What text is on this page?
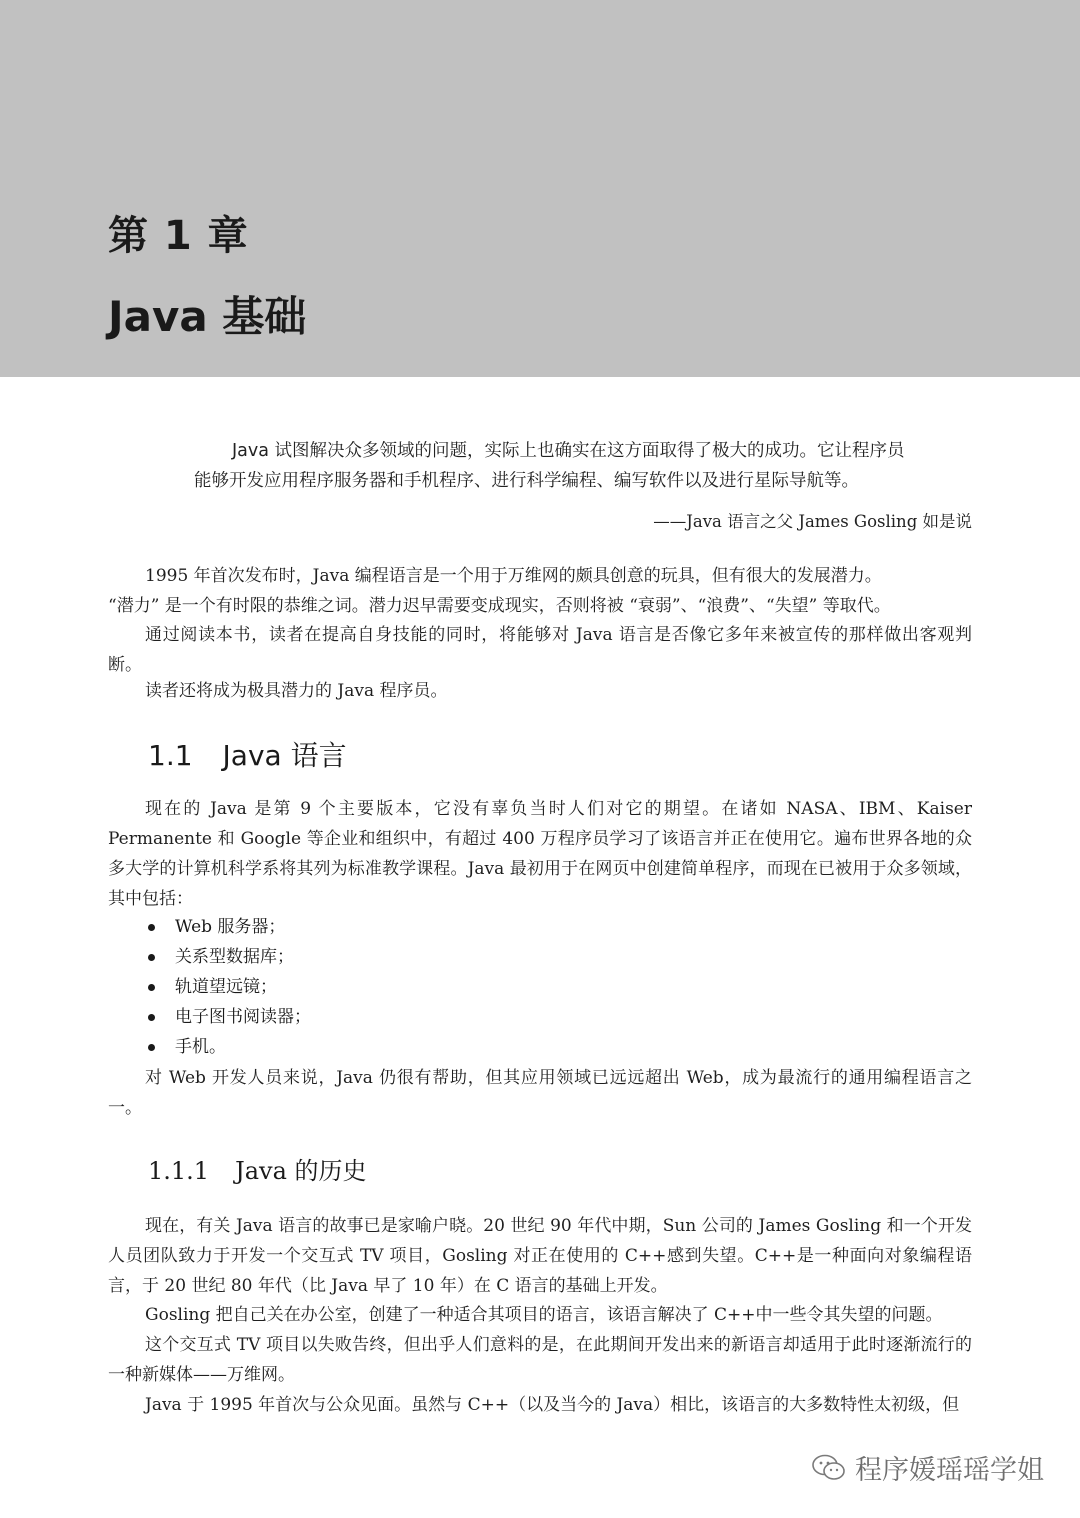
第 1 章
Java 基础
Java 试图解决众多领域的问题，实际上也确实在这方面取得了极大的成功。它让程序员
能够开发应用程序服务器和手机程序、进行科学编程、编写软件以及进行星际导航等。
——Java 语言之父 James Gosling 如是说
1995 年首次发布时，Java 编程语言是一个用于万维网的颇具创意的玩具，但有很大的发展潜力。
“潜力” 是一个有时限的恭维之词。潜力迟早需要变成现实，否则将被 “衰弱”、“浪费”、“失望” 等取代。
通过阅读本书，读者在提高自身技能的同时，将能够对 Java 语言是否像它多年来被宣传的那样做出客观判断。
读者还将成为极具潜力的 Java 程序员。
1.1 Java 语言
现在的 Java 是第 9 个主要版本，它没有辜负当时人们对它的期望。在诸如 NASA、IBM、Kaiser Permanente 和 Google 等企业和组织中，有超过 400 万程序员学习了该语言并正在使用它。遍布世界各地的众多大学的计算机科学系将其列为标准教学课程。Java 最初用于在网页中创建简单程序，而现在已被用于众多领域，其中包括：
Web 服务器；
关系型数据库；
轨道望远镜；
电子图书阅读器；
手机。
对 Web 开发人员来说，Java 仍很有帮助，但其应用领域已远远超出 Web，成为最流行的通用编程语言之一。
1.1.1 Java 的历史
现在，有关 Java 语言的故事已是家喻户晓。20 世纪 90 年代中期，Sun 公司的 James Gosling 和一个开发人员团队致力于开发一个交互式 TV 项目，Gosling 对正在使用的 C++感到失望。C++是一种面向对象编程语言，于 20 世纪 80 年代（比 Java 早了 10 年）在 C 语言的基础上开发。
Gosling 把自己关在办公室，创建了一种适合其项目的语言，该语言解决了 C++中一些令其失望的问题。
这个交互式 TV 项目以失败告终，但出乎人们意料的是，在此期间开发出来的新语言却适用于此时逐渐流行的一种新媒体——万维网。
Java 于 1995 年首次与公众见面。虽然与 C++（以及当今的 Java）相比，该语言的大多数特性太初级，但
程序媛瑶瑶学姐
